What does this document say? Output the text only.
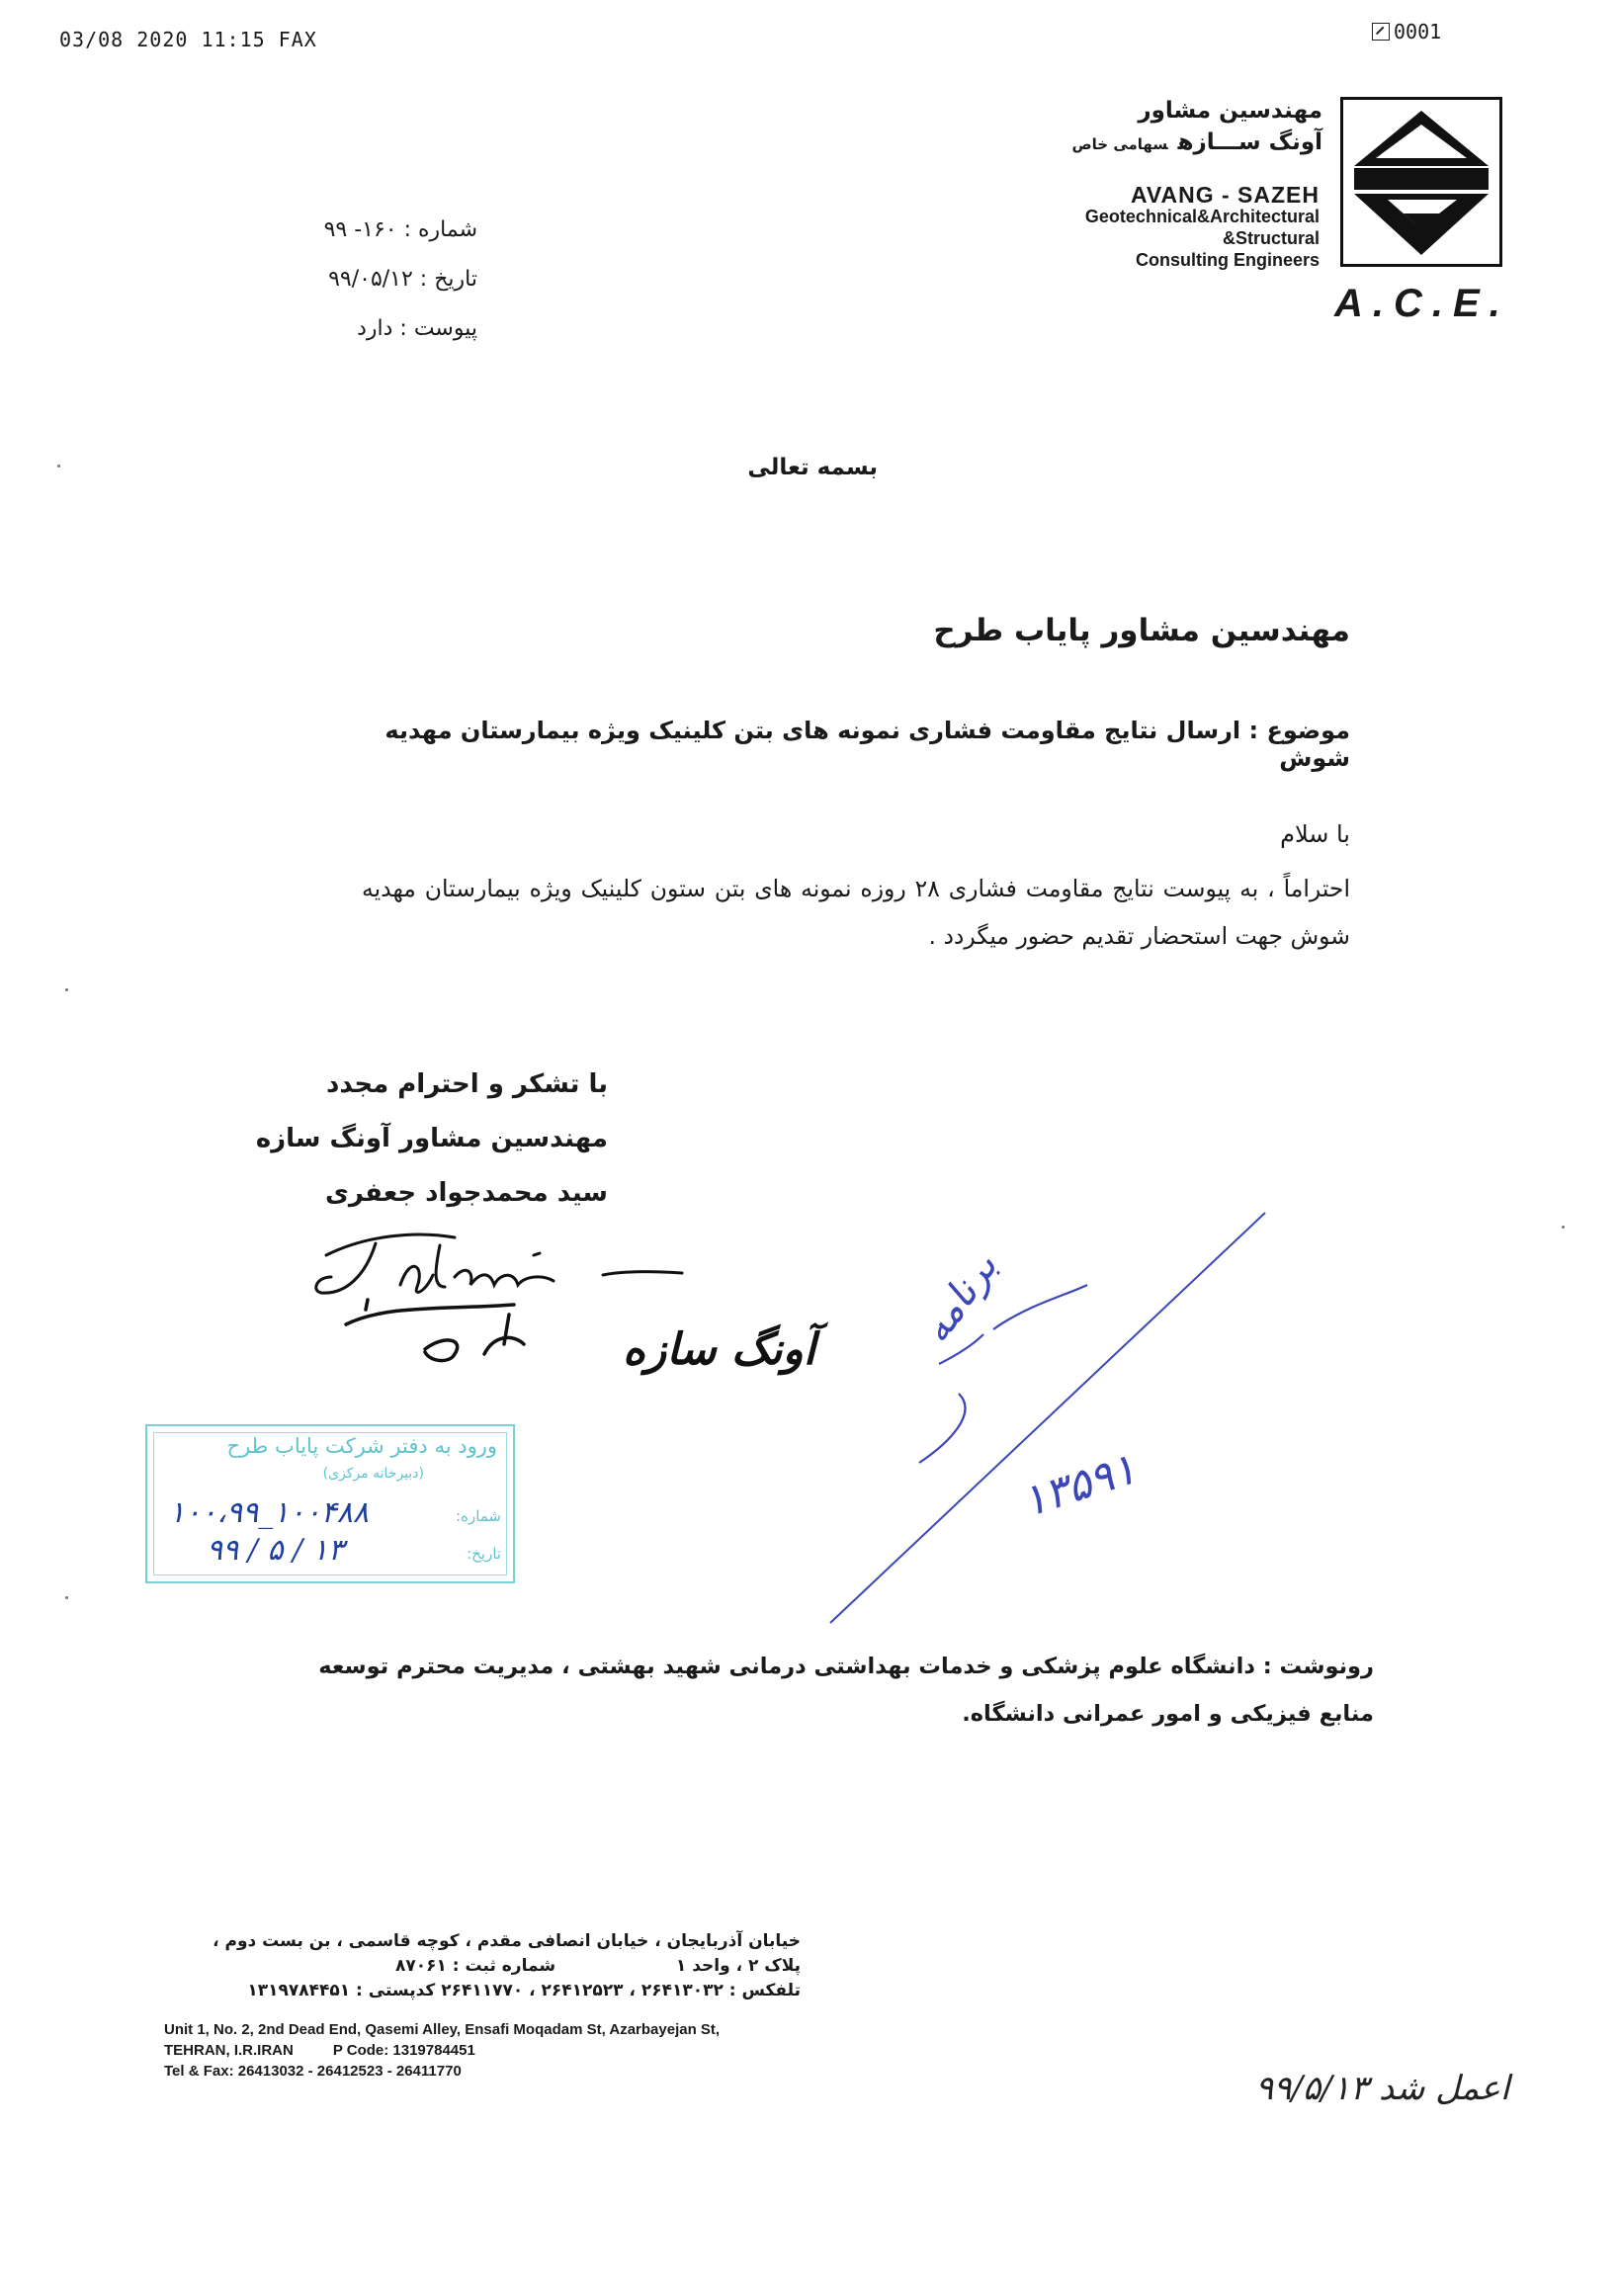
03/08 2020 11:15 FAX	0001
مهندسین مشاور
آونگ ســـازهسهامی خاص
AVANG - SAZEH
Geotechnical&Architectural
&Structural
Consulting Engineers
A.C.E.
شماره : ۱۶۰- ۹۹
تاریخ : ۹۹/۰۵/۱۲
پیوست : دارد
بسمه تعالی
مهندسین مشاور پایاب طرح
موضوع : ارسال نتایج مقاومت فشاری نمونه های بتن کلینیک ویژه بیمارستان مهدیه شوش
با سلام
احتراماً ، به پیوست نتایج مقاومت فشاری ۲۸ روزه نمونه های بتن ستون کلینیک ویژه بیمارستان مهدیه شوش جهت استحضار تقدیم حضور میگردد .
با تشکر و احترام مجدد
مهندسین مشاور آونگ سازه
سید محمدجواد جعفری
آونگ سازه
ورود به دفتر شرکت پایاب طرح
(دبیرخانه مرکزی)
شماره:
۱۰۰،۹۹_۱۰۰۴۸۸
تاریخ:
۹۹ / ۵ / ۱۳
برنامه
۱۳۵۹۱
رونوشت : دانشگاه علوم پزشکی و خدمات بهداشتی درمانی شهید بهشتی ، مدیریت محترم توسعه منابع فیزیکی و امور عمرانی دانشگاه.
خیابان آذربایجان ، خیابان انصافی مقدم ، کوچه قاسمی ، بن بست دوم ،
پلاک ۲ ، واحد ۱
شماره ثبت : ۸۷۰۶۱
تلفکس : ۲۶۴۱۳۰۳۲ ، ۲۶۴۱۲۵۲۳ ، ۲۶۴۱۱۷۷۰ کدپستی : ۱۳۱۹۷۸۴۴۵۱
Unit 1, No. 2, 2nd Dead End, Qasemi Alley, Ensafi Moqadam St, Azarbayejan St,
TEHRAN, I.R.IRAN	P Code: 1319784451
Tel & Fax: 26413032 - 26412523 - 26411770	اعمل شد ۹۹/۵/۱۳
